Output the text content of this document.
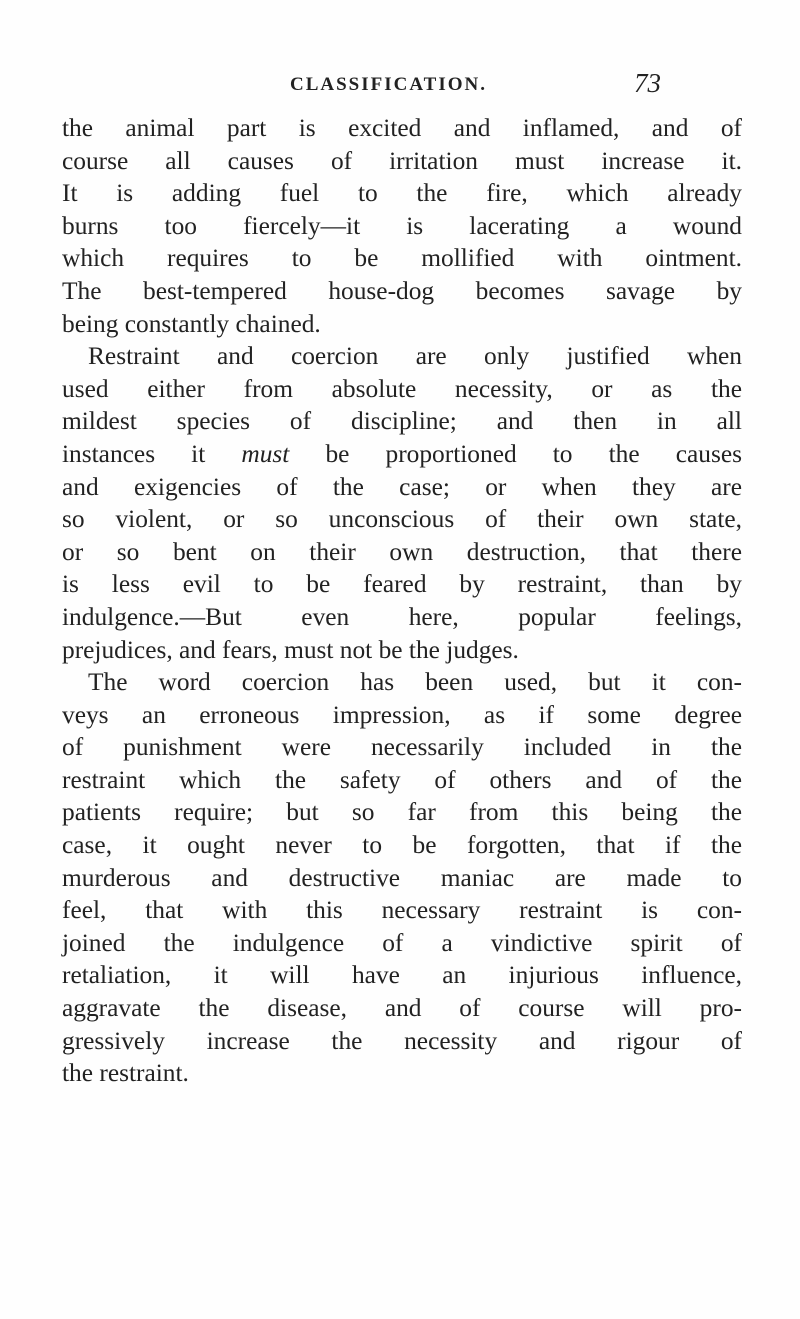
CLASSIFICATION.	73

the animal part is excited and inflamed, and of
course all causes of irritation must increase it.
It is adding fuel to the fire, which already
burns too fiercely—it is lacerating a wound
which requires to be mollified with ointment.
The best-tempered house-dog becomes savage by
being constantly chained.

Restraint and coercion are only justified when
used either from absolute necessity, or as the
mildest species of discipline; and then in all
instances it must be proportioned to the causes
and exigencies of the case; or when they are
so violent, or so unconscious of their own state,
or so bent on their own destruction, that there
is less evil to be feared by restraint, than by
indulgence.—But even here, popular feelings,
prejudices, and fears, must not be the judges.

The word coercion has been used, but it con-
veys an erroneous impression, as if some degree
of punishment were necessarily included in the
restraint which the safety of others and of the
patients require; but so far from this being the
case, it ought never to be forgotten, that if the
murderous and destructive maniac are made to
feel, that with this necessary restraint is con-
joined the indulgence of a vindictive spirit of
retaliation, it will have an injurious influence,
aggravate the disease, and of course will pro-
gressively increase the necessity and rigour of
the restraint.
